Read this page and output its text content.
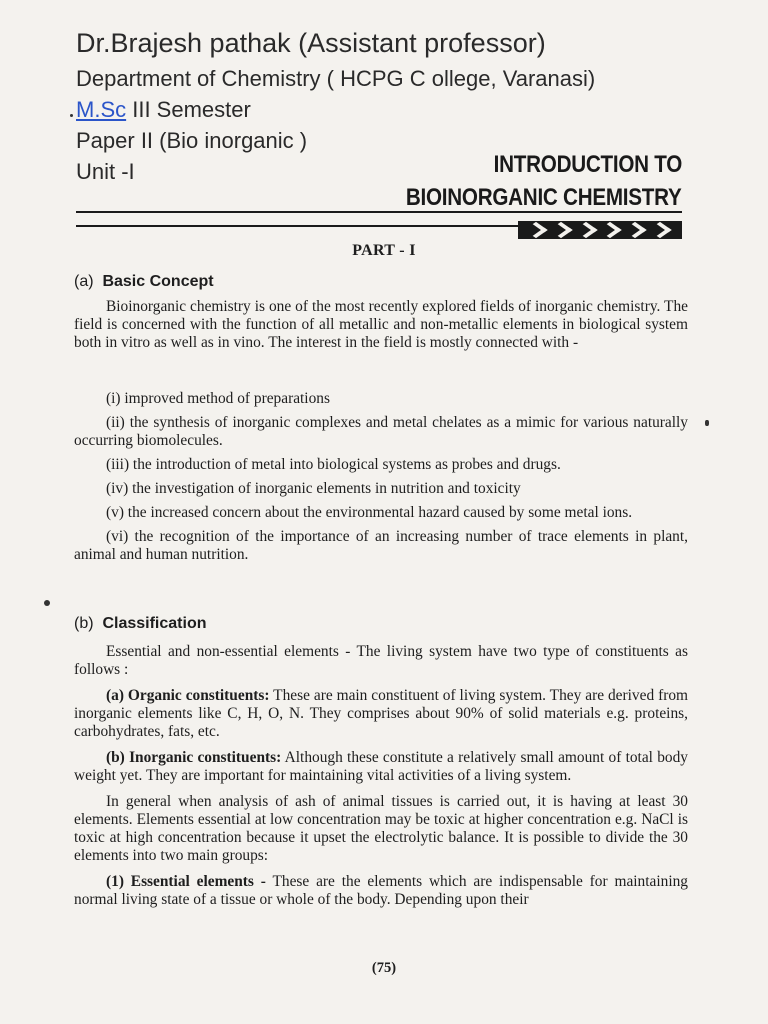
Dr.Brajesh pathak (Assistant professor)
Department of Chemistry ( HCPG C ollege, Varanasi)
M.Sc III Semester
Paper II (Bio inorganic )
Unit -I	INTRODUCTION TO
BIOINORGANIC CHEMISTRY
PART - I
(a) Basic Concept

Bioinorganic chemistry is one of the most recently explored fields of inorganic chemistry. The field is concerned with the function of all metallic and non-metallic elements in biological system both in vitro as well as in vino. The interest in the field is mostly connected with -

(i) improved method of preparations

(ii) the synthesis of inorganic complexes and metal chelates as a mimic for various naturally occurring biomolecules.

(iii) the introduction of metal into biological systems as probes and drugs.

(iv) the investigation of inorganic elements in nutrition and toxicity

(v) the increased concern about the environmental hazard caused by some metal ions.

(vi) the recognition of the importance of an increasing number of trace elements in plant, animal and human nutrition.

(b) Classification

Essential and non-essential elements - The living system have two type of constituents as follows :

(a) Organic constituents: These are main constituent of living system. They are derived from inorganic elements like C, H, O, N. They comprises about 90% of solid materials e.g. proteins, carbohydrates, fats, etc.

(b) Inorganic constituents: Although these constitute a relatively small amount of total body weight yet. They are important for maintaining vital activities of a living system.

In general when analysis of ash of animal tissues is carried out, it is having at least 30 elements. Elements essential at low concentration may be toxic at higher concentration e.g. NaCl is toxic at high concentration because it upset the electrolytic balance. It is possible to divide the 30 elements into two main groups:

(1) Essential elements - These are the elements which are indispensable for maintaining normal living state of a tissue or whole of the body. Depending upon their

(75)
